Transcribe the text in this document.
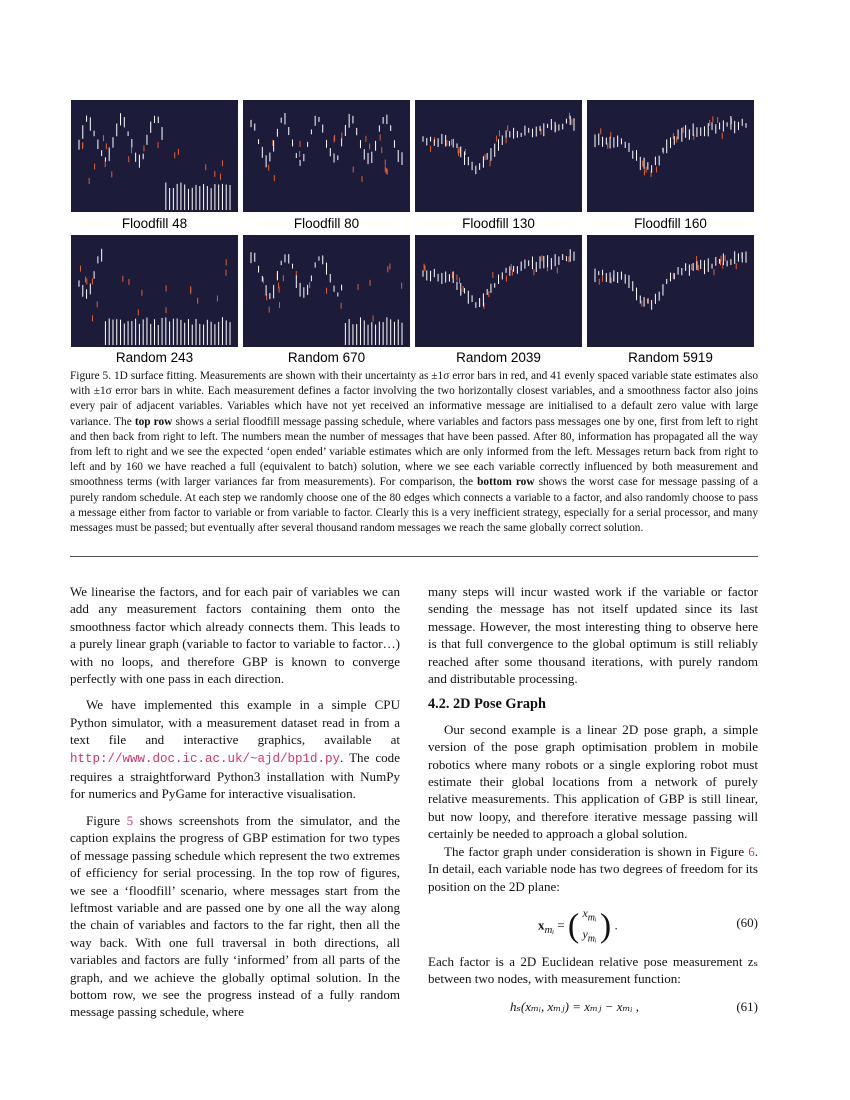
Floodfill 48	Floodfill 80	Floodfill 130	Floodfill 160
Random 243	Random 670	Random 2039	Random 5919

Figure 5. 1D surface fitting. Measurements are shown with their uncertainty as ±1σ error bars in red, and 41 evenly spaced variable state estimates also with ±1σ error bars in white. Each measurement defines a factor involving the two horizontally closest variables, and a smoothness factor also joins every pair of adjacent variables. Variables which have not yet received an informative message are initialised to a default zero value with large variance. The top row shows a serial floodfill message passing schedule, where variables and factors pass messages one by one, first from left to right and then back from right to left. The numbers mean the number of messages that have been passed. After 80, information has propagated all the way from left to right and we see the expected ‘open ended’ variable estimates which are only informed from the left. Messages return back from right to left and by 160 we have reached a full (equivalent to batch) solution, where we see each variable correctly influenced by both measurement and smoothness terms (with larger variances far from measurements). For comparison, the bottom row shows the worst case for message passing of a purely random schedule. At each step we randomly choose one of the 80 edges which connects a variable to a factor, and also randomly choose to pass a message either from factor to variable or from variable to factor. Clearly this is a very inefficient strategy, especially for a serial processor, and many messages must be passed; but eventually after several thousand random messages we reach the same globally correct solution.

We linearise the factors, and for each pair of variables we can add any measurement factors containing them onto the smoothness factor which already connects them. This leads to a purely linear graph (variable to factor to variable to factor…) with no loops, and therefore GBP is known to converge perfectly with one pass in each direction.

We have implemented this example in a simple CPU Python simulator, with a measurement dataset read in from a text file and interactive graphics, available at http://www.doc.ic.ac.uk/~ajd/bp1d.py. The code requires a straightforward Python3 installation with NumPy for numerics and PyGame for interactive visualisation.

Figure 5 shows screenshots from the simulator, and the caption explains the progress of GBP estimation for two types of message passing schedule which represent the two extremes of efficiency for serial processing. In the top row of figures, we see a ‘floodfill’ scenario, where messages start from the leftmost variable and are passed one by one all the way along the chain of variables and factors to the far right, then all the way back. With one full traversal in both directions, all variables and factors are fully ‘informed’ from all parts of the graph, and we achieve the globally optimal solution. In the bottom row, we see the progress instead of a fully random message passing schedule, where

many steps will incur wasted work if the variable or factor sending the message has not itself updated since its last message. However, the most interesting thing to observe here is that full convergence to the global optimum is still reliably reached after some thousand iterations, with purely random and distributable processing.

4.2. 2D Pose Graph

Our second example is a linear 2D pose graph, a simple version of the pose graph optimisation problem in mobile robotics where many robots or a single exploring robot must estimate their global locations from a network of purely relative measurements. This application of GBP is still linear, but now loopy, and therefore iterative message passing will certainly be needed to approach a global solution.

The factor graph under consideration is shown in Figure 6. In detail, each variable node has two degrees of freedom for its position on the 2D plane:

$x_{mᵢ}$ = ( $x_{mᵢ}$
$y_{mᵢ}$ ) .	(60)

Each factor is a 2D Euclidean relative pose measurement zₛ between two nodes, with measurement function:

hₛ(xₘᵢ, xₘⱼ) = xₘⱼ − xₘᵢ ,	(61)
